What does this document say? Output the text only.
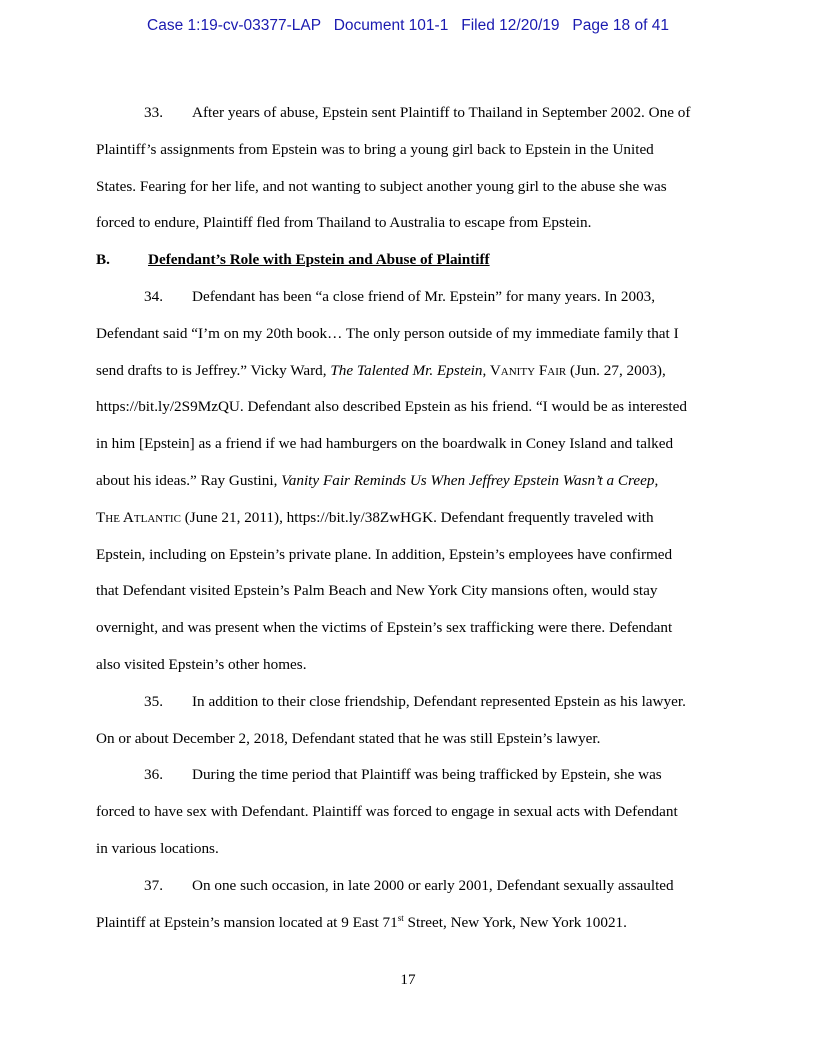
Case 1:19-cv-03377-LAP Document 101-1 Filed 12/20/19 Page 18 of 41
33. After years of abuse, Epstein sent Plaintiff to Thailand in September 2002. One of
Plaintiff’s assignments from Epstein was to bring a young girl back to Epstein in the United
States. Fearing for her life, and not wanting to subject another young girl to the abuse she was
forced to endure, Plaintiff fled from Thailand to Australia to escape from Epstein.
B.	Defendant’s Role with Epstein and Abuse of Plaintiff
34. Defendant has been “a close friend of Mr. Epstein” for many years. In 2003,
Defendant said “I’m on my 20th book… The only person outside of my immediate family that I
send drafts to is Jeffrey.” Vicky Ward, The Talented Mr. Epstein, VANITY FAIR (Jun. 27, 2003),
https://bit.ly/2S9MzQU. Defendant also described Epstein as his friend. “I would be as interested
in him [Epstein] as a friend if we had hamburgers on the boardwalk in Coney Island and talked
about his ideas.” Ray Gustini, Vanity Fair Reminds Us When Jeffrey Epstein Wasn’t a Creep,
THE ATLANTIC (June 21, 2011), https://bit.ly/38ZwHGK. Defendant frequently traveled with
Epstein, including on Epstein’s private plane. In addition, Epstein’s employees have confirmed
that Defendant visited Epstein’s Palm Beach and New York City mansions often, would stay
overnight, and was present when the victims of Epstein’s sex trafficking were there. Defendant
also visited Epstein’s other homes.
35. In addition to their close friendship, Defendant represented Epstein as his lawyer.
On or about December 2, 2018, Defendant stated that he was still Epstein’s lawyer.
36. During the time period that Plaintiff was being trafficked by Epstein, she was
forced to have sex with Defendant. Plaintiff was forced to engage in sexual acts with Defendant
in various locations.
37. On one such occasion, in late 2000 or early 2001, Defendant sexually assaulted
Plaintiff at Epstein’s mansion located at 9 East 71st Street, New York, New York 10021.
17
